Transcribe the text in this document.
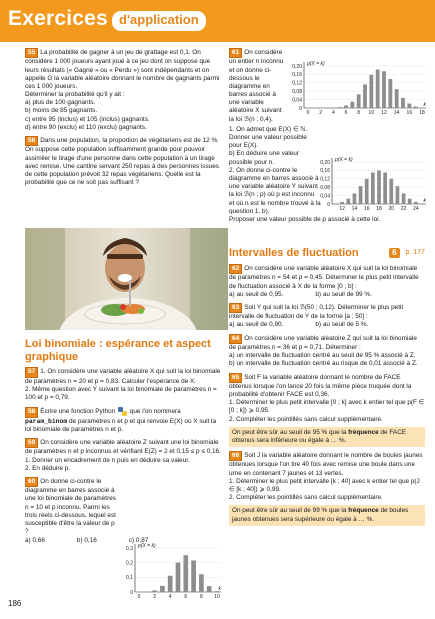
Exercices d'application
55 La probabilité de gagner à un jeu de grattage est 0,1. On considère 1 000 joueurs ayant joué à ce jeu dont on suppose que leurs résultats (« Gagné » ou « Perdu ») sont indépendants et on appelle G la variable aléatoire donnant le nombre de gagnants parmi ces 1 000 joueurs.
Déterminer la probabilité qu'il y ait :
a) plus de 100 gagnants.
b) moins de 85 gagnants.
c) entre 95 (inclus) et 105 (inclus) gagnants.
d) entre 90 (exclu) et 110 (exclu) gagnants.
56 Dans une population, la proportion de végétariens est de 12 %. On suppose cette population suffisamment grande pour pouvoir assimiler le tirage d'une personne dans cette population à un tirage avec remise. Une cantine servant 250 repas à des personnes issues de cette population prévoit 32 repas végétariens. Quelle est la probabilité que ce ne soit pas suffisant ?
Loi binomiale : espérance et aspect graphique
57 1. On considère une variable aléatoire X qui suit la loi binomiale de paramètres n = 20 et p = 0,83. Calculer l'espérance de X.
2. Même question avec Y suivant la loi binomiale de paramètres n = 100 et p = 0,79.
58 Écrire une fonction Python que l'on nommera param_binom de paramètres n et p et qui renvoie E(X) où X suit la loi binomiale de paramètres n et p.
59 On considère une variable aléatoire Z suivant une loi binomiale de paramètres n et p inconnus et vérifiant E(Z) = 2 et 0,15 ≤ p ≤ 0,16.
1. Donner un encadrement de n puis en déduire sa valeur.
2. En déduire p.
60 On donne ci-contre le diagramme en barres associé à une loi binomiale de paramètres n = 10 et p inconnu. Parmi les trois réels ci-dessous, lequel est susceptible d'être la valeur de p ?
a) 0,66	b) 0,16	c) 0,87
0,3
0,2
0,1
0
0	2	4	6	8 10
p(X = k)
k
186
61 On considère un entier n inconnu et on donne ci-dessous le diagramme en barres associé à une variable aléatoire X suivant la loi ℬ(n ; 0,4).
1. On admet que E(X) ∈ ℕ. Donner une valeur possible pour E(X).
b) En déduire une valeur possible pour n.
2. On donne ci-contre le diagramme en barres associé à une variable aléatoire Y suivant la loi ℬ(n ; p) où p est inconnu et où n est le nombre trouvé à la question 1. b).
Proposer une valeur possible de p associé à cette loi.
0,20
0,16
0,12
0,08
0,04
0
0 2 4 6 8 10 12 14 16 18
p(X = k)
k
0,20
0,16
0,12
0,08
0,04
0
12 14 16 18 20 22 24
p(X = k)
k
Intervalles de fluctuation	6	p. 177
62 On considère une variable aléatoire X qui suit la loi binomiale de paramètres n = 54 et p = 0,45. Déterminer le plus petit intervalle de fluctuation associé à X de la forme [0 ; b] :
a) au seuil de 0,95.	b) au seuil de 99 %.
63 Soit Y qui suit la loi ℬ(50 ; 0,12). Déterminer le plus petit intervalle de fluctuation de Y de la forme [a ; 50] :
a) au seuil de 0,90.	b) au seuil de 5 %.
64 On considère une variable aléatoire Z qui suit la loi binomiale de paramètres n = 36 et p = 0,71. Déterminer :
a) un intervalle de fluctuation centré au seuil de 95 % associé à Z.
b) un intervalle de fluctuation centré au risque de 0,01 associé à Z.
65 Soit F la variable aléatoire donnant le nombre de FACE obtenus lorsque l'on lance 20 fois la même pièce truquée dont la probabilité d'obtenir FACE est 0,36.
1. Déterminer le plus petit intervalle [0 ; k] avec k entier tel que p(F ∈ [0 ; k]) ⩾ 0,95.
2. Compléter les pointillés sans calcul supplémentaire.
On peut être sûr au seuil de 95 % que la fréquence de FACE obtenus sera inférieure ou égale à … %.
66 Soit J la variable aléatoire donnant le nombre de boules jaunes obtenues lorsque l'on tire 40 fois avec remise une boule dans une urne en contenant 7 jaunes et 13 vertes.
1. Déterminer le plus petit intervalle [k ; 40] avec k entier tel que p(J ∈ [k ; 40]) ⩾ 0,99.
2. Compléter les pointillés sans calcul supplémentaire.
On peut être sûr au seuil de 99 % que la fréquence de boules jaunes obtenues sera supérieure ou égale à … %.
